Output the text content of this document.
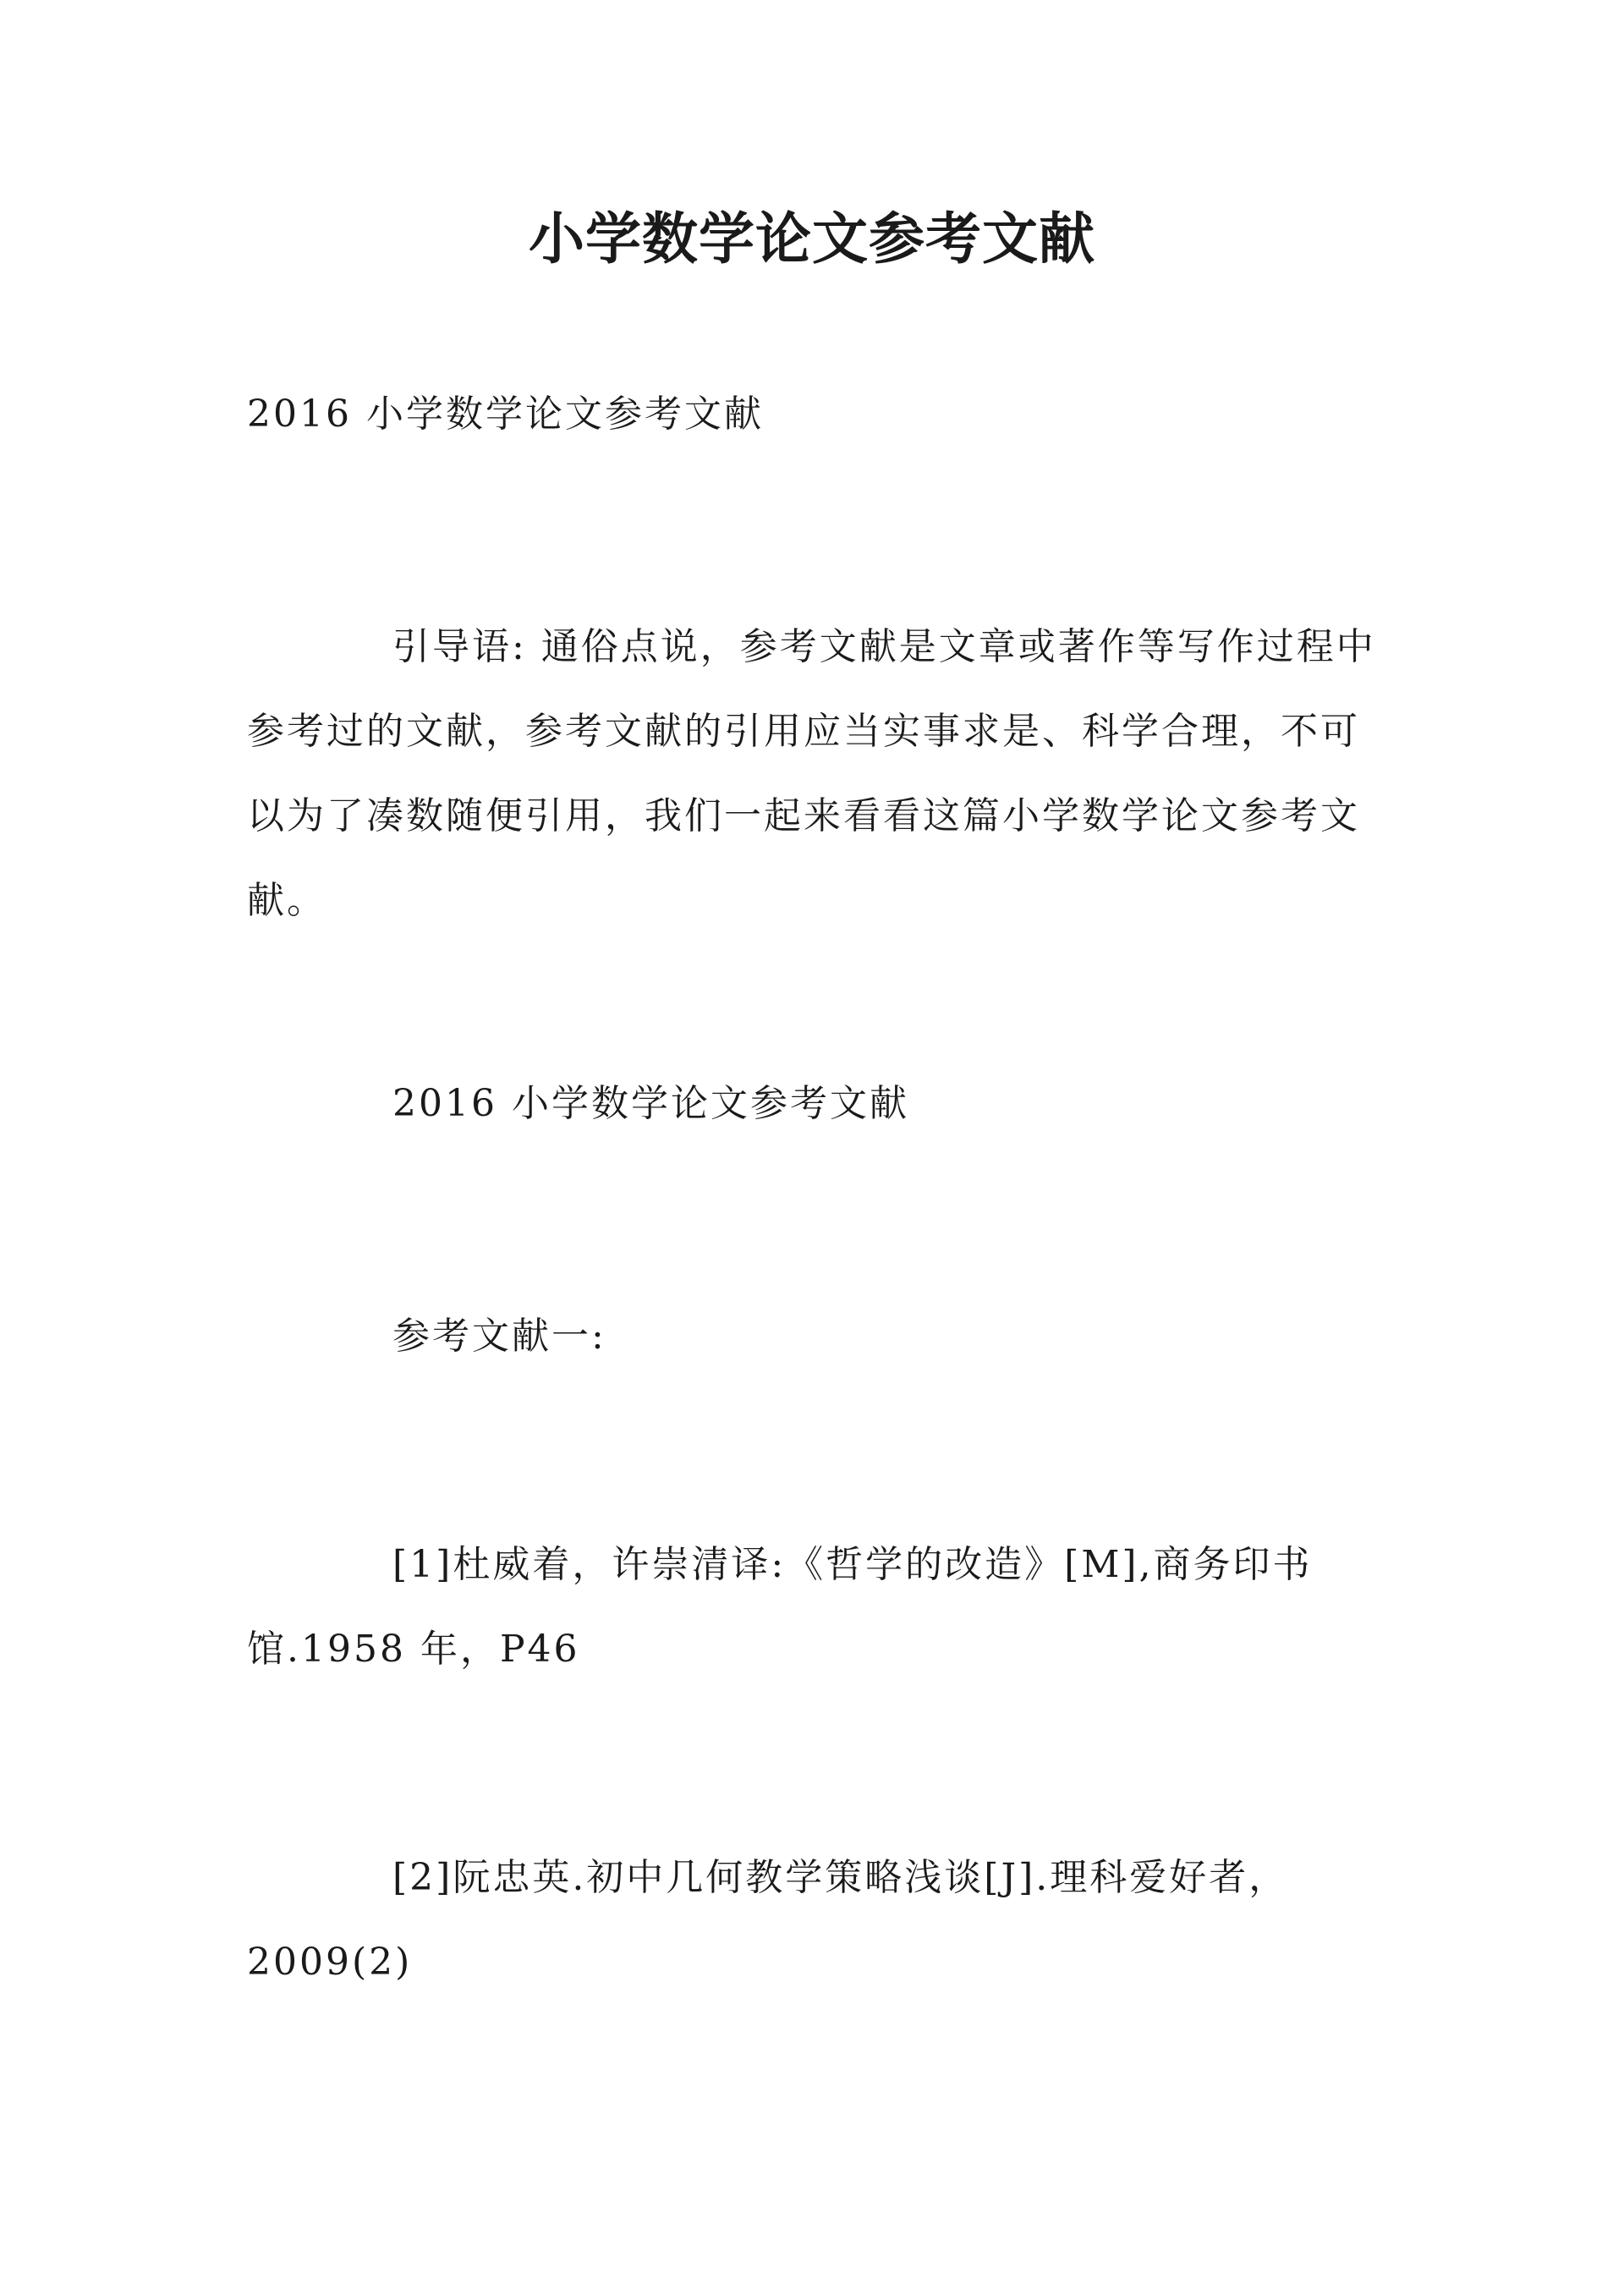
小学数学论文参考文献

2016 小学数学论文参考文献

引导语: 通俗点说，参考文献是文章或著作等写作过程中参考过的文献，参考文献的引用应当实事求是、科学合理，不可以为了凑数随便引用，我们一起来看看这篇小学数学论文参考文献。

2016 小学数学论文参考文献

参考文献一:

[1]杜威着，许崇清译:《哲学的改造》[M],商务印书馆.1958 年，P46

[2]阮忠英.初中几何教学策略浅谈[J].理科爱好者，2009(2)
